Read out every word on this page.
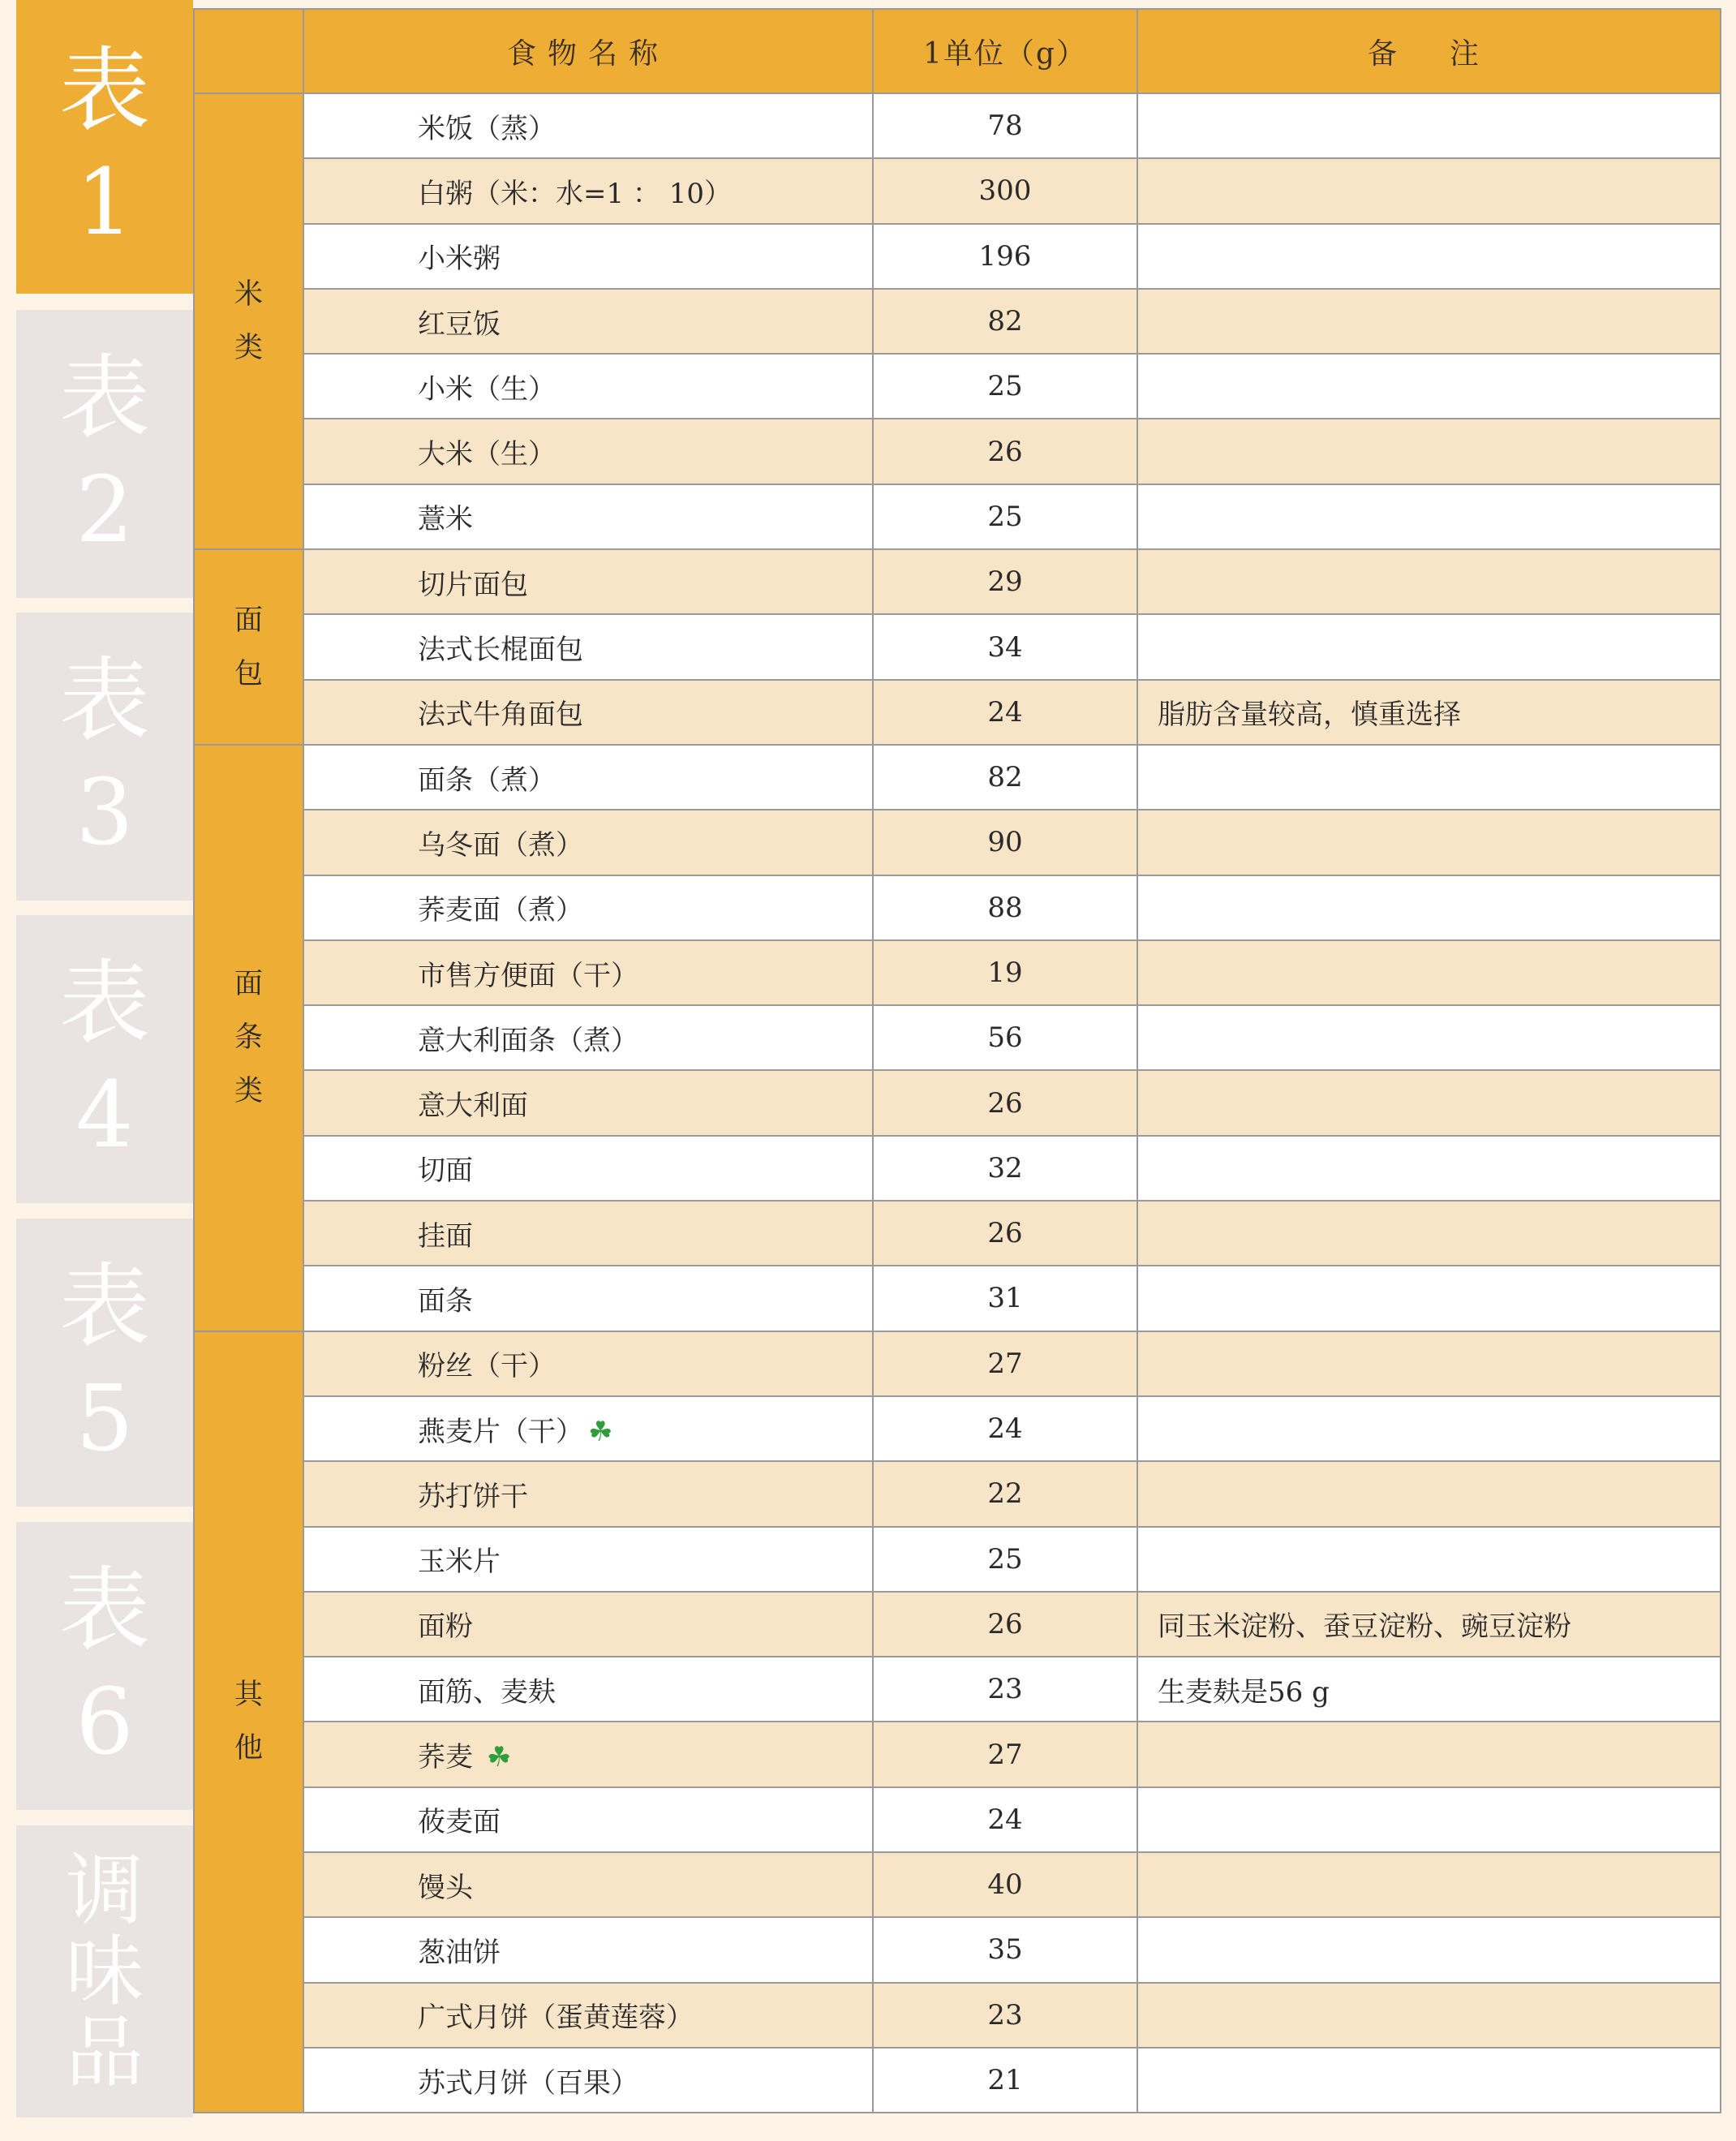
表
1
表
2
表
3
表
4
表
5
表
6
调
味
品
	食物名称	1单位（g）	备  注
米类	米饭（蒸）	78	
	白粥（米：水=1 ： 10）	300	
	小米粥	196	
	红豆饭	82	
	小米（生）	25	
	大米（生）	26	
	薏米	25	
面包	切片面包	29	
	法式长棍面包	34	
	法式牛角面包	24	脂肪含量较高，慎重选择
面条类	面条（煮）	82	
	乌冬面（煮）	90	
	荞麦面（煮）	88	
	市售方便面（干）	19	
	意大利面条（煮）	56	
	意大利面	26	
	切面	32	
	挂面	26	
	面条	31	
其他	粉丝（干）	27	
	燕麦片（干） ☘	24	
	苏打饼干	22	
	玉米片	25	
	面粉	26	同玉米淀粉、蚕豆淀粉、豌豆淀粉
	面筋、麦麸	23	生麦麸是56 g
	荞麦 ☘	27	
	莜麦面	24	
	馒头	40	
	葱油饼	35	
	广式月饼（蛋黄莲蓉）	23	
	苏式月饼（百果）	21	
